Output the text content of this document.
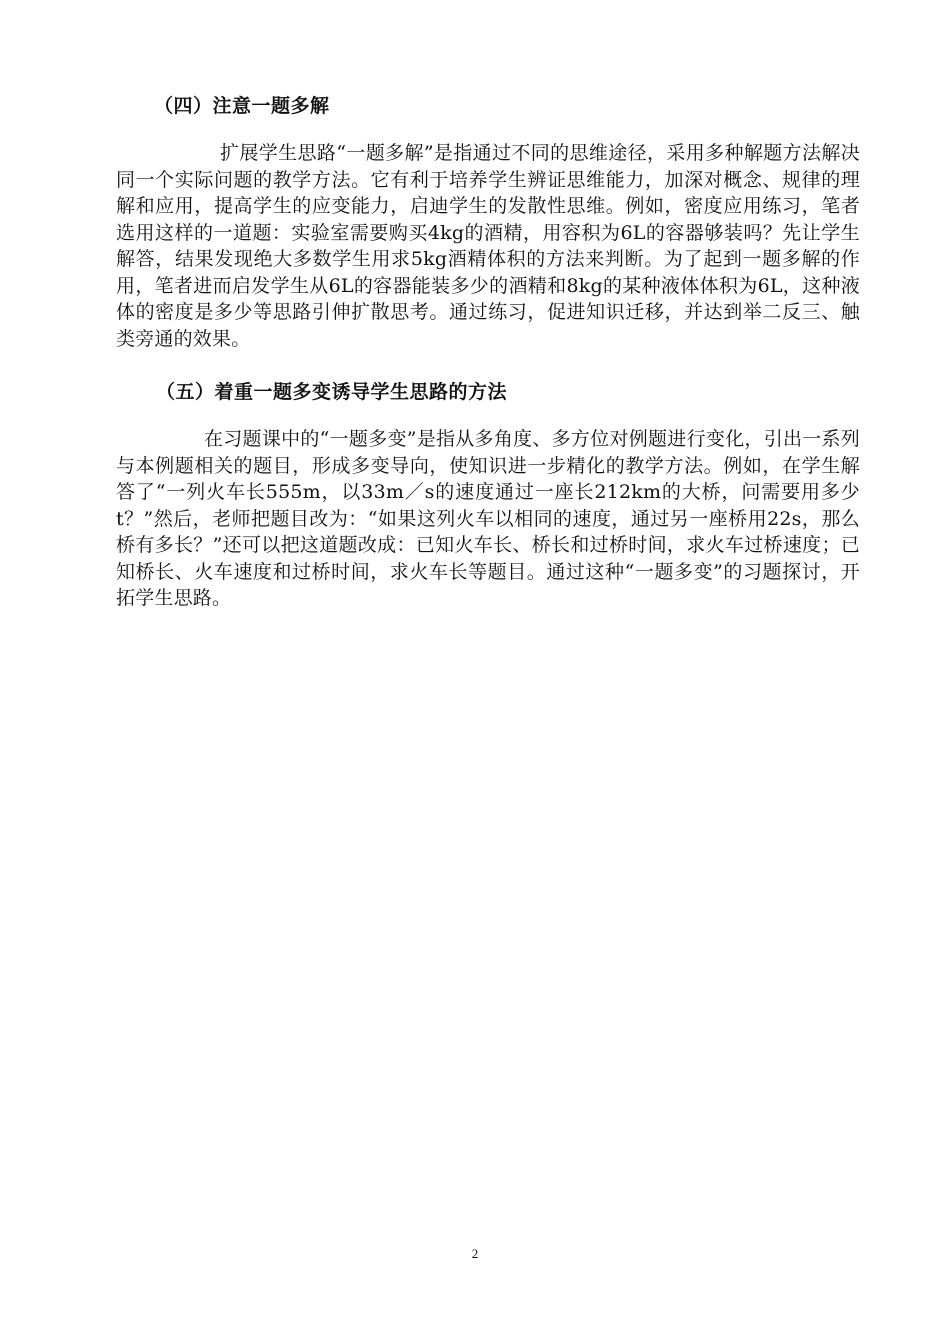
（四）注意一题多解

扩展学生思路“一题多解”是指通过不同的思维途径，采用多种解题方法解决同一个实际问题的教学方法。它有利于培养学生辨证思维能力，加深对概念、规律的理解和应用，提高学生的应变能力，启迪学生的发散性思维。例如，密度应用练习，笔者选用这样的一道题：实验室需要购买4kg的酒精，用容积为6L的容器够装吗？先让学生解答，结果发现绝大多数学生用求5kg酒精体积的方法来判断。为了起到一题多解的作用，笔者进而启发学生从6L的容器能装多少的酒精和8kg的某种液体体积为6L，这种液体的密度是多少等思路引伸扩散思考。通过练习，促进知识迁移，并达到举二反三、触类旁通的效果。

（五）着重一题多变诱导学生思路的方法

在习题课中的“一题多变”是指从多角度、多方位对例题进行变化，引出一系列与本例题相关的题目，形成多变导向，使知识进一步精化的教学方法。例如，在学生解答了“一列火车长555m，以33m／s的速度通过一座长212km的大桥，问需要用多少t？”然后，老师把题目改为：“如果这列火车以相同的速度，通过另一座桥用22s，那么桥有多长？”还可以把这道题改成：已知火车长、桥长和过桥时间，求火车过桥速度；已知桥长、火车速度和过桥时间，求火车长等题目。通过这种“一题多变”的习题探讨，开拓学生思路。

2
